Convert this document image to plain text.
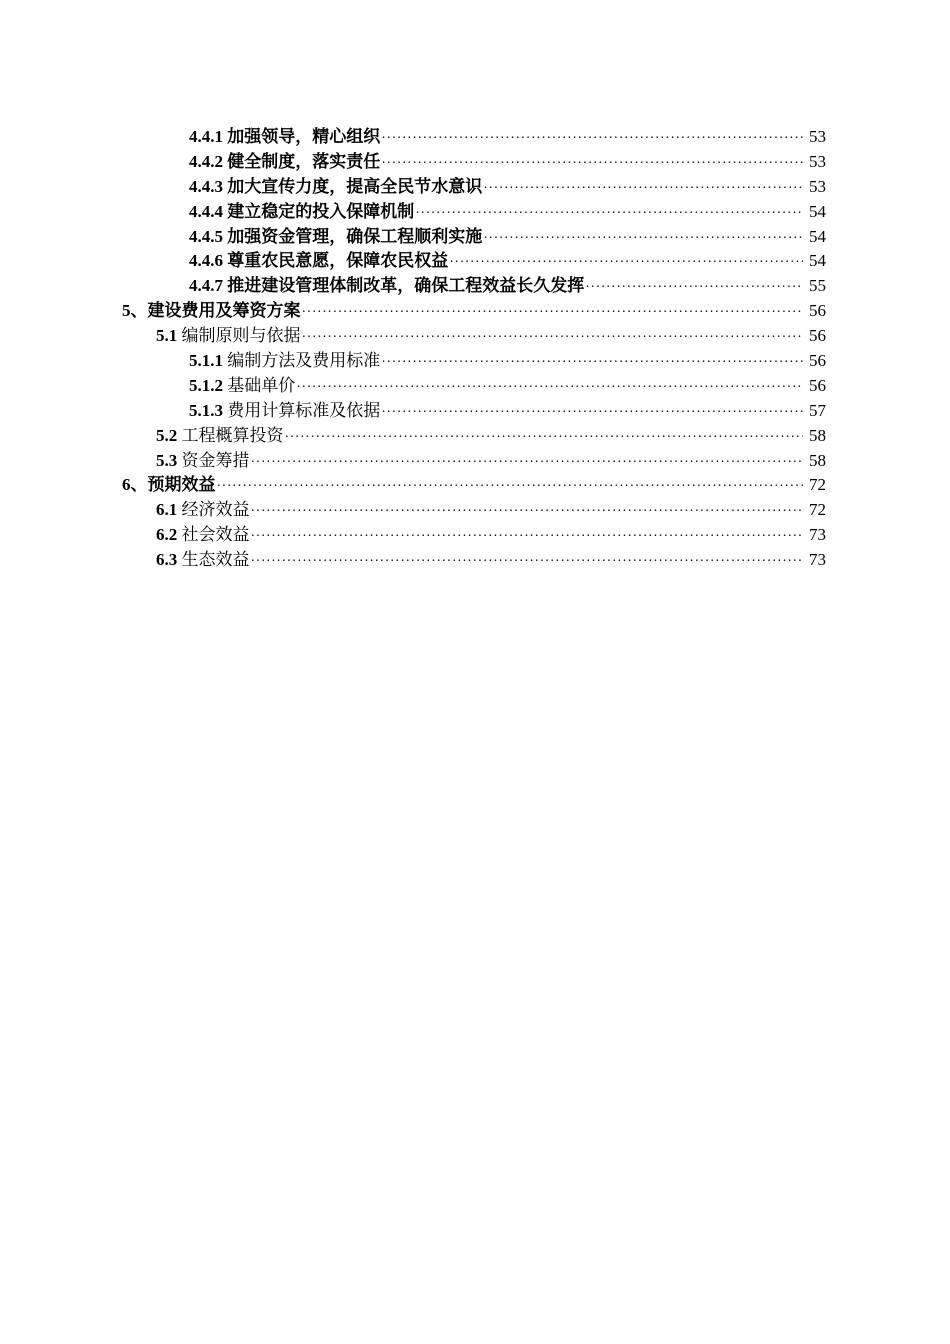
4.4.1 加强领导，精心组织 ·····	53
4.4.2 健全制度，落实责任 ·····	53
4.4.3 加大宣传力度，提高全民节水意识 ·····	53
4.4.4 建立稳定的投入保障机制 ·····	54
4.4.5 加强资金管理，确保工程顺利实施 ·····	54
4.4.6 尊重农民意愿，保障农民权益 ·····	54
4.4.7 推进建设管理体制改革，确保工程效益长久发挥 ·····	55
5、建设费用及筹资方案 ·····	56
5.1 编制原则与依据 ·····	56
5.1.1 编制方法及费用标准 ·····	56
5.1.2 基础单价 ·····	56
5.1.3 费用计算标准及依据 ·····	57
5.2 工程概算投资 ·····	58
5.3 资金筹措 ·····	58
6、预期效益 ·····	72
6.1 经济效益 ·····	72
6.2 社会效益 ·····	73
6.3 生态效益 ·····	73
